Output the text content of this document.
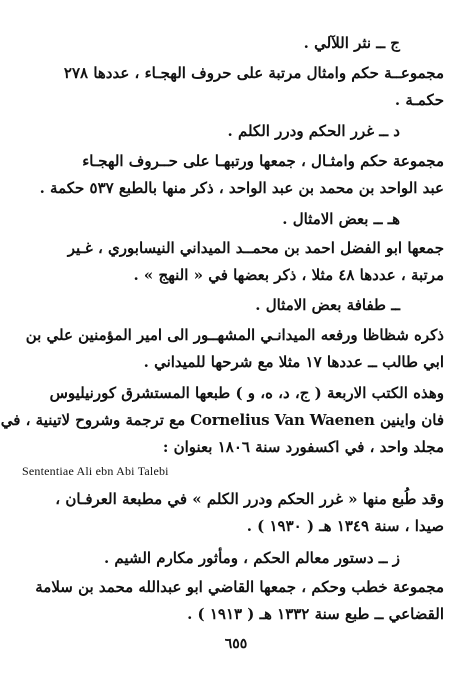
ج ــ نثر اللآلي .
مجموعــة حكم وامثال مرتبة على حروف الهجـاء ، عددها ٢٧٨
حكمـة .
د ــ غرر الحكم ودرر الكلم .
مجموعة حكم وامثـال ، جمعها ورتبهـا على حــروف الهجـاء
عبد الواحد بن محمد بن عبد الواحد ، ذكر منها بالطبع ٥٣٧ حكمة .
هـ ــ بعض الامثال .
جمعها ابو الفضل احمد بن محمــد الميداني النيسابوري ، غـير
مرتبة ، عددها ٤٨ مثلا ، ذكر بعضها في « النهج » .
ــ طفافة بعض الامثال .
ذكره شظاظا ورفعه الميدانـي المشهــور الى امير المؤمنين علي بن
ابي طالب ــ عددها ١٧ مثلا مع شرحها للميداني .
وهذه الكتب الاربعة ( ج، د، ه، و ) طبعها المستشرق كورنيليوس
فان واينين Cornelius Van Waenen مع ترجمة وشروح لاتينية ، في
مجلد واحد ، في اكسفورد سنة ١٨٠٦ بعنوان :
Sententiae Ali ebn Abi Talebi
وقد طُبع منها « غرر الحكم ودرر الكلم » في مطبعة العرفـان ،
صيدا ، سنة ١٣٤٩ هـ ( ١٩٣٠ ) .
ز ــ دستور معالم الحكم ، ومأثور مكارم الشيم .
مجموعة خطب وحكم ، جمعها القاضي ابو عبدالله محمد بن سلامة
القضاعي ــ طبع سنة ١٣٣٢ هـ ( ١٩١٣ ) .
٦٥٥
